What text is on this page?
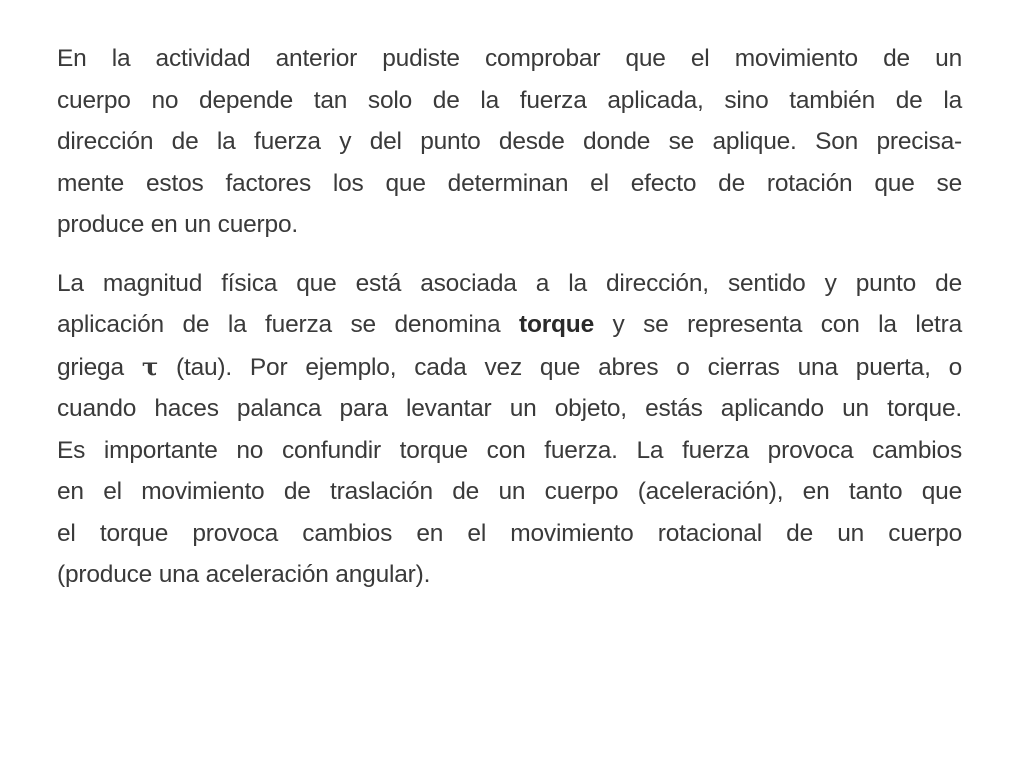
En la actividad anterior pudiste comprobar que el movimiento de un
cuerpo no depende tan solo de la fuerza aplicada, sino también de la
dirección de la fuerza y del punto desde donde se aplique. Son precisa-
mente estos factores los que determinan el efecto de rotación que se
produce en un cuerpo.

La magnitud física que está asociada a la dirección, sentido y punto de
aplicación de la fuerza se denomina torque y se representa con la letra
griega τ (tau). Por ejemplo, cada vez que abres o cierras una puerta, o
cuando haces palanca para levantar un objeto, estás aplicando un torque.
Es importante no confundir torque con fuerza. La fuerza provoca cambios
en el movimiento de traslación de un cuerpo (aceleración), en tanto que
el torque provoca cambios en el movimiento rotacional de un cuerpo
(produce una aceleración angular).
